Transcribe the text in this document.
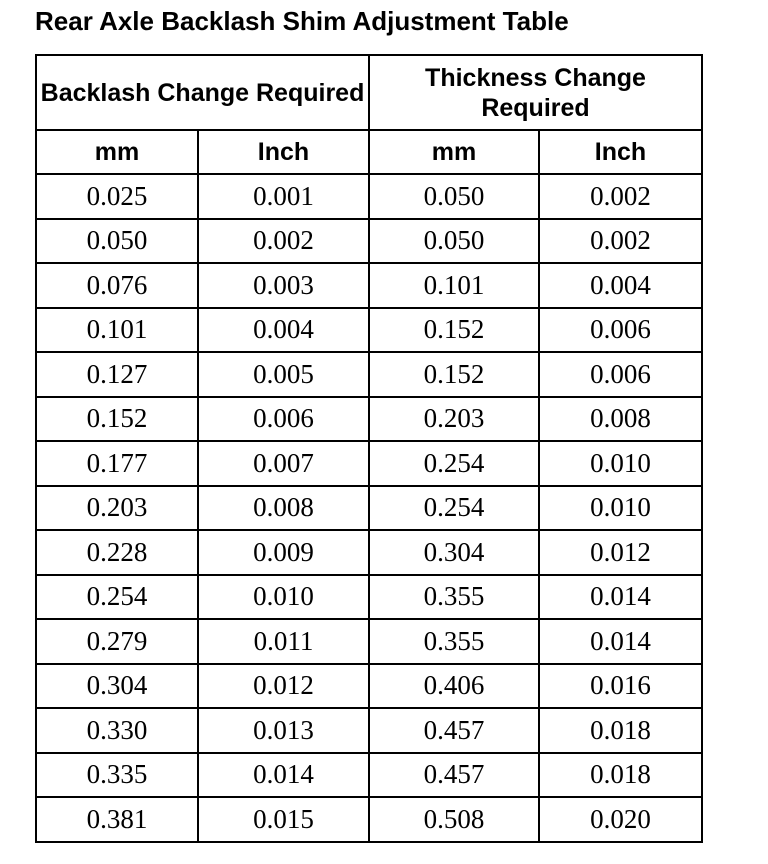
Rear Axle Backlash Shim Adjustment Table
Backlash Change Required		Thickness Change Required	
mm	Inch	mm	Inch
0.025	0.001	0.050	0.002
0.050	0.002	0.050	0.002
0.076	0.003	0.101	0.004
0.101	0.004	0.152	0.006
0.127	0.005	0.152	0.006
0.152	0.006	0.203	0.008
0.177	0.007	0.254	0.010
0.203	0.008	0.254	0.010
0.228	0.009	0.304	0.012
0.254	0.010	0.355	0.014
0.279	0.011	0.355	0.014
0.304	0.012	0.406	0.016
0.330	0.013	0.457	0.018
0.335	0.014	0.457	0.018
0.381	0.015	0.508	0.020
